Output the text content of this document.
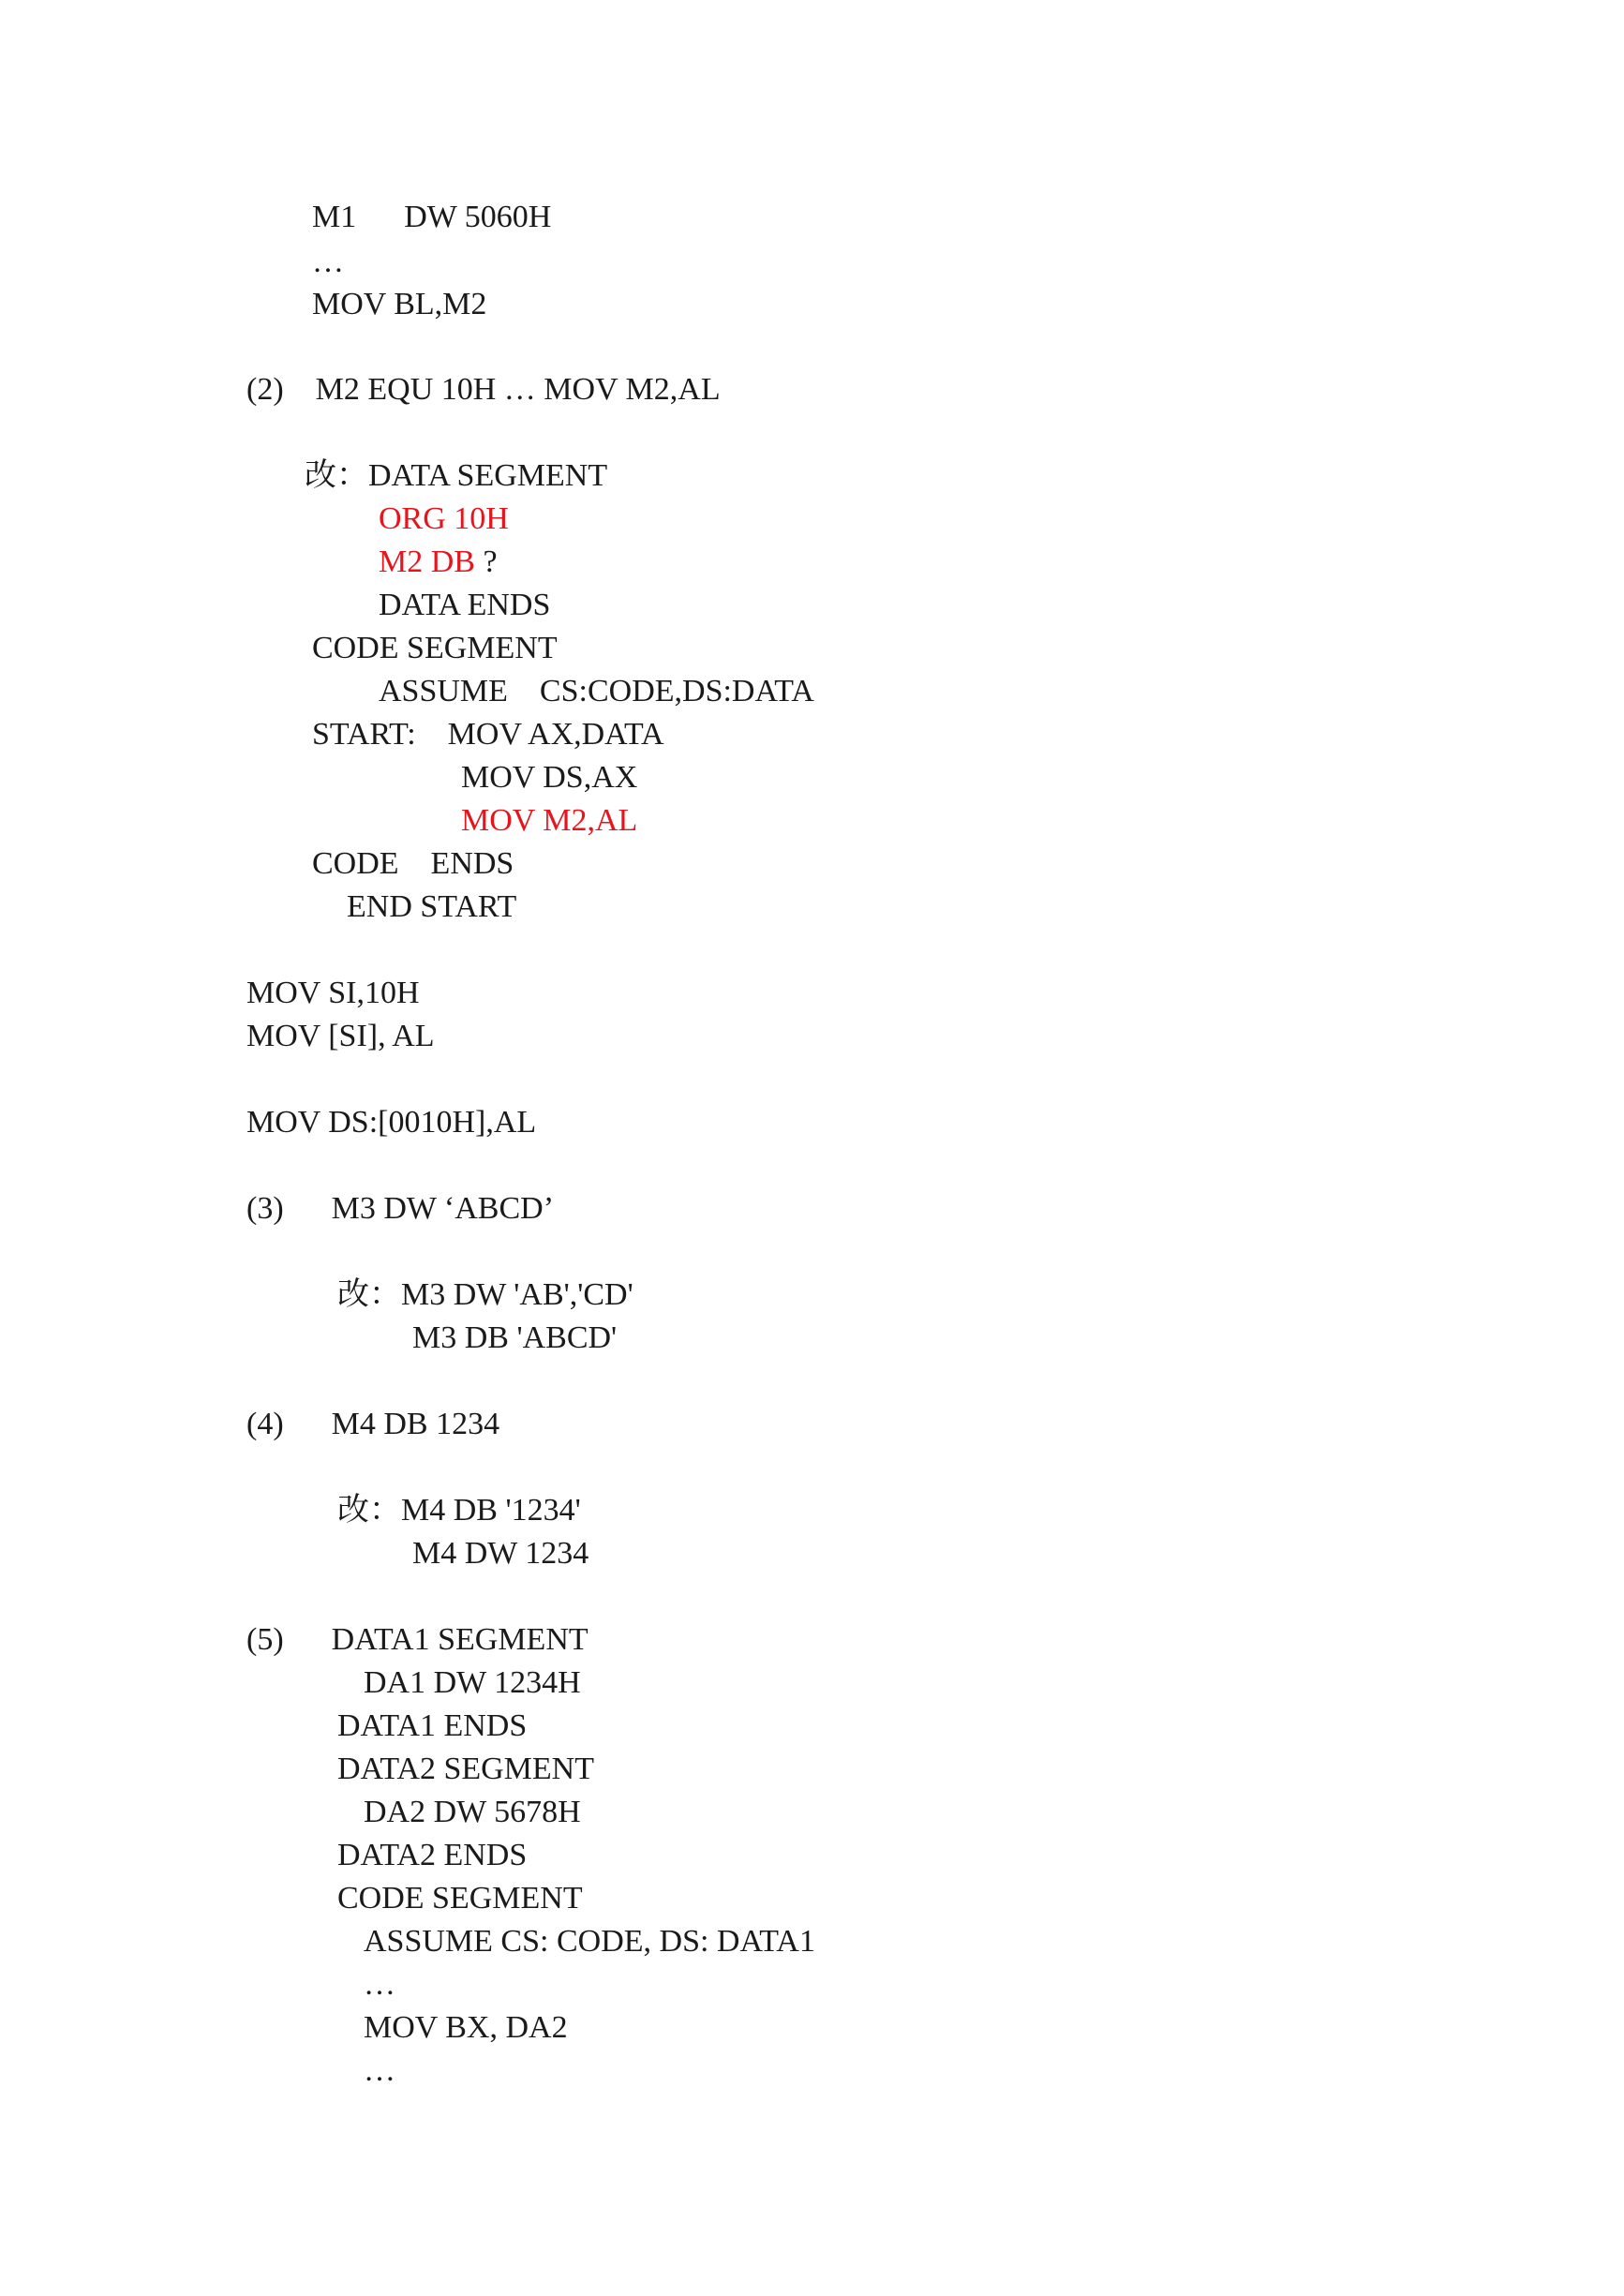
M1      DW 5060H
…
MOV BL,M2
(2)    M2 EQU 10H … MOV M2,AL
改：DATA SEGMENT
ORG 10H
M2 DB ?
DATA ENDS
CODE SEGMENT
ASSUME    CS:CODE,DS:DATA
START:    MOV AX,DATA
MOV DS,AX
MOV M2,AL
CODE    ENDS
END START
MOV SI,10H
MOV [SI], AL
MOV DS:[0010H],AL
(3)      M3 DW ‘ABCD’
改：M3 DW 'AB','CD'
M3 DB 'ABCD'
(4)      M4 DB 1234
改：M4 DB '1234'
M4 DW 1234
(5)      DATA1 SEGMENT
DA1 DW 1234H
DATA1 ENDS
DATA2 SEGMENT
DA2 DW 5678H
DATA2 ENDS
CODE SEGMENT
ASSUME CS: CODE, DS: DATA1
…
MOV BX, DA2
…
